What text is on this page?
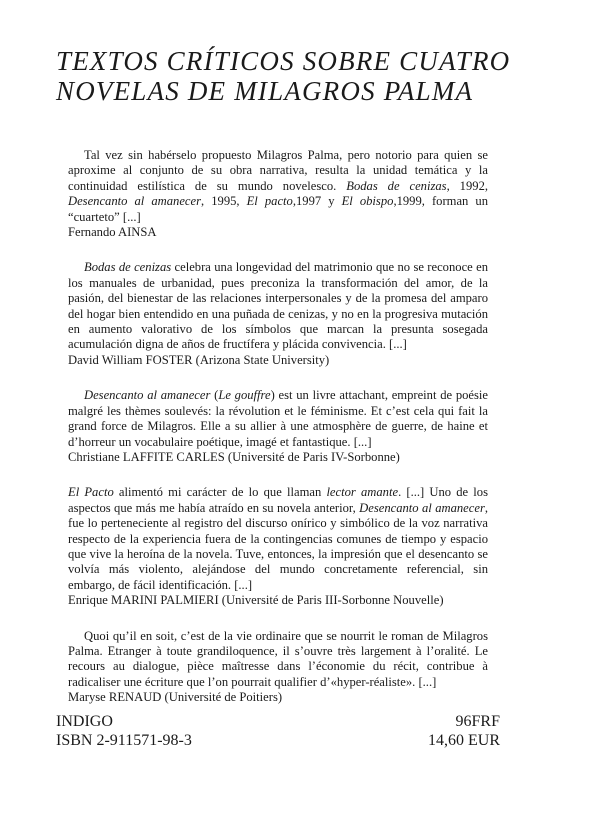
TEXTOS CRÍTICOS SOBRE CUATRO
NOVELAS DE MILAGROS PALMA

Tal vez sin habérselo propuesto Milagros Palma, pero notorio para quien se aproxime al conjunto de su obra narrativa, resulta la unidad temática y la continuidad estilística de su mundo novelesco. Bodas de cenizas, 1992, Desencanto al amanecer, 1995, El pacto,1997 y El obispo,1999, forman un “cuarteto” [...]

Fernando AINSA

Bodas de cenizas celebra una longevidad del matrimonio que no se reconoce en los manuales de urbanidad, pues preconiza la transformación del amor, de la pasión, del bienestar de las relaciones interpersonales y de la promesa del amparo del hogar bien entendido en una puñada de cenizas, y no en la progresiva mutación en aumento valorativo de los símbolos que marcan la presunta sosegada acumulación digna de años de fructífera y plácida convivencia. [...]

David William FOSTER (Arizona State University)

Desencanto al amanecer (Le gouffre) est un livre attachant, empreint de poésie malgré les thèmes soulevés: la révolution et le féminisme. Et c’est cela qui fait la grand force de Milagros. Elle a su allier à une atmosphère de guerre, de haine et d’horreur un vocabulaire poétique, imagé et fantastique. [...]

Christiane LAFFITE CARLES (Université de Paris IV-Sorbonne)

El Pacto alimentó mi carácter de lo que llaman lector amante. [...] Uno de los aspectos que más me había atraído en su novela anterior, Desencanto al amanecer, fue lo perteneciente al registro del discurso onírico y simbólico de la voz narrativa respecto de la experiencia fuera de la contingencias comunes de tiempo y espacio que vive la heroína de la novela. Tuve, entonces, la impresión que el desencanto se volvía más violento, alejándose del mundo concretamente referencial, sin embargo, de fácil identificación. [...]

Enrique MARINI PALMIERI (Université de Paris III-Sorbonne Nouvelle)

Quoi qu’il en soit, c’est de la vie ordinaire que se nourrit le roman de Milagros Palma. Etranger à toute grandiloquence, il s’ouvre très largement à l’oralité. Le recours au dialogue, pièce maîtresse dans l’économie du récit, contribue à radicaliser une écriture que l’on pourrait qualifier d’«hyper-réaliste». [...]

Maryse RENAUD (Université de Poitiers)

INDIGO	96FRF
ISBN 2-911571-98-3	14,60 EUR
